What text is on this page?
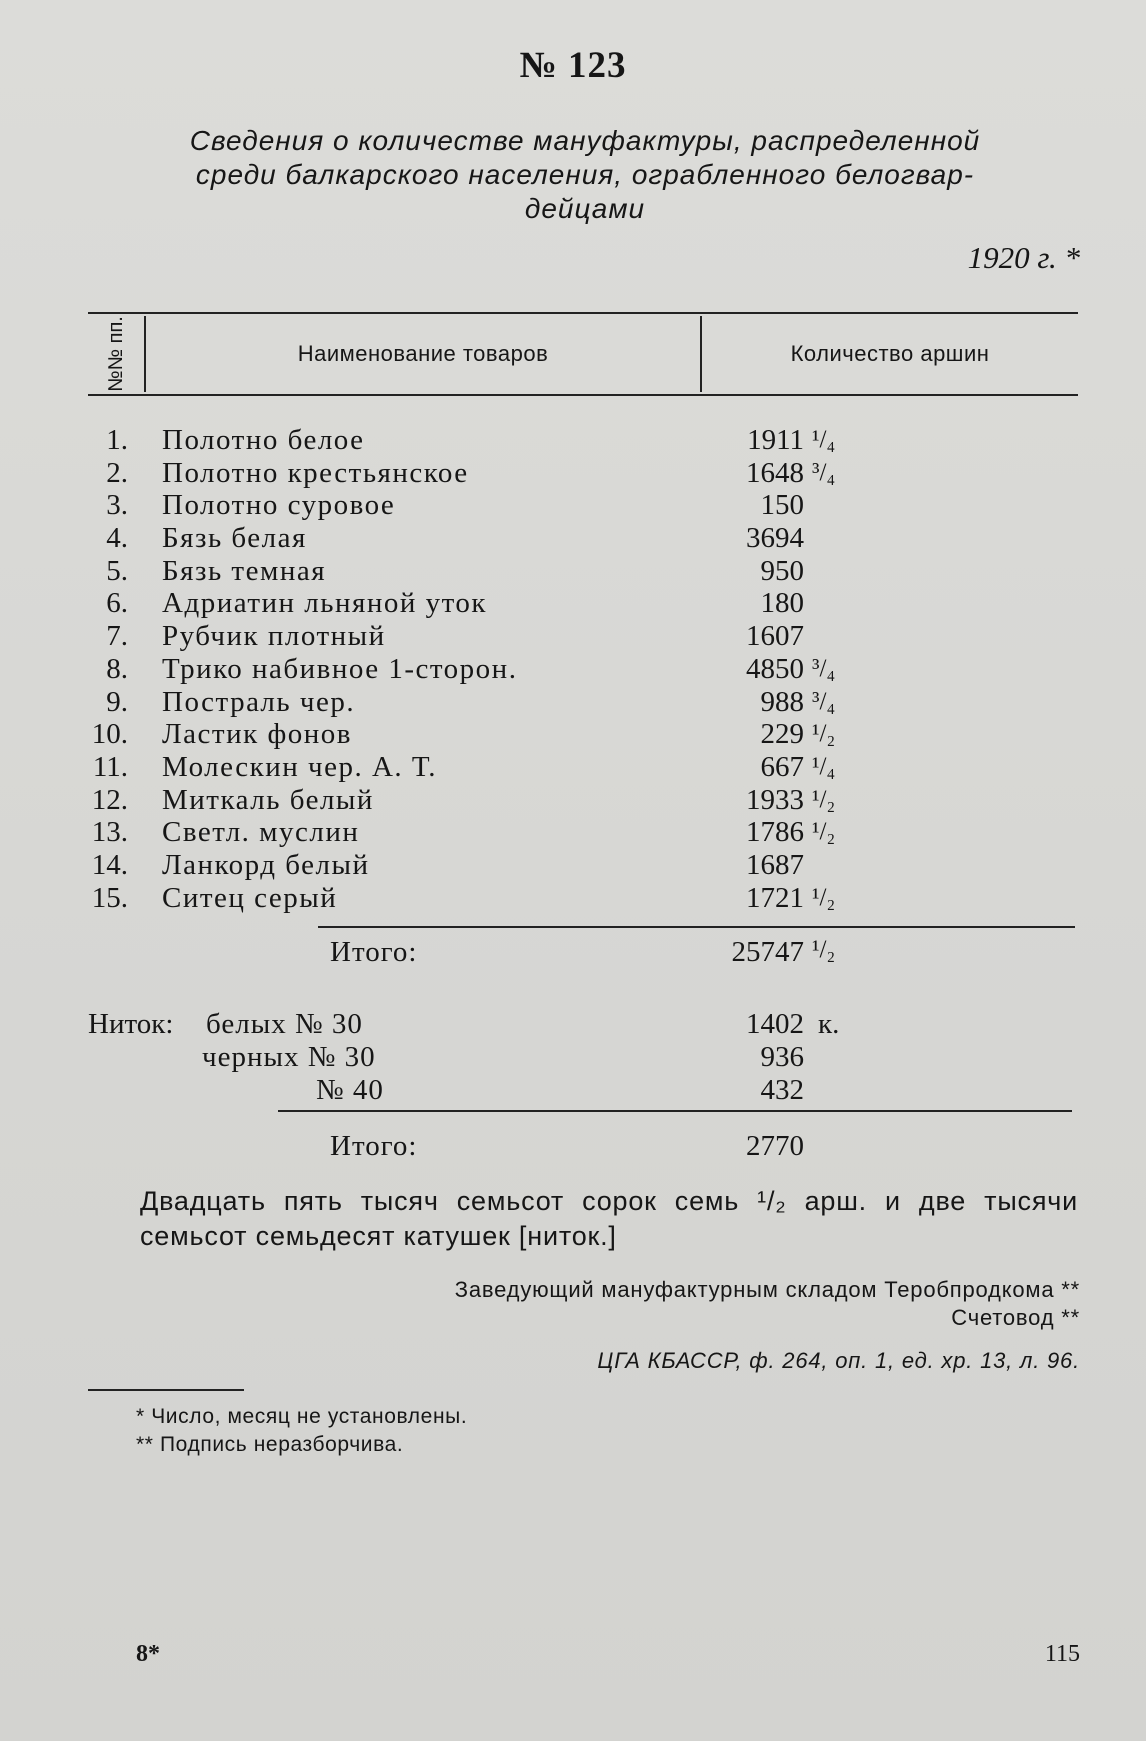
№ 123
Сведения о количестве мануфактуры, распределенной
среди балкарского населения, ограбленного белогвар-
дейцами
1920 г. *
№№ пп.	Наименование товаров	Количество аршин
1. Полотно белое	1911 ¹/₄
2. Полотно крестьянское	1648 ³/₄
3. Полотно суровое	150
4. Бязь белая	3694
5. Бязь темная	950
6. Адриатин льняной уток	180
7. Рубчик плотный	1607
8. Трико набивное 1-сторон.	4850 ³/₄
9. Пострaль чер.	988 ³/₄
10. Ластик фонов	229 ¹/₂
11. Молескин чер. А. Т.	667 ¹/₄
12. Миткаль белый	1933 ¹/₂
13. Светл. муслин	1786 ¹/₂
14. Ланкорд белый	1687
15. Ситец серый	1721 ¹/₂
Итого:	25747 ¹/₂
Ниток: белых № 30	1402 к.
черных № 30	936
№ 40	432
Итого:	2770
Двадцать пять тысяч семьсот сорок семь ¹/₂ арш. и две тысячи семьсот семьдесят катушек [ниток.]
Заведующий мануфактурным складом Теробпродкома **
Счетовод **
ЦГА КБАССР, ф. 264, оп. 1, ед. хр. 13, л. 96.
* Число, месяц не установлены.
** Подпись неразборчива.
8*	115
